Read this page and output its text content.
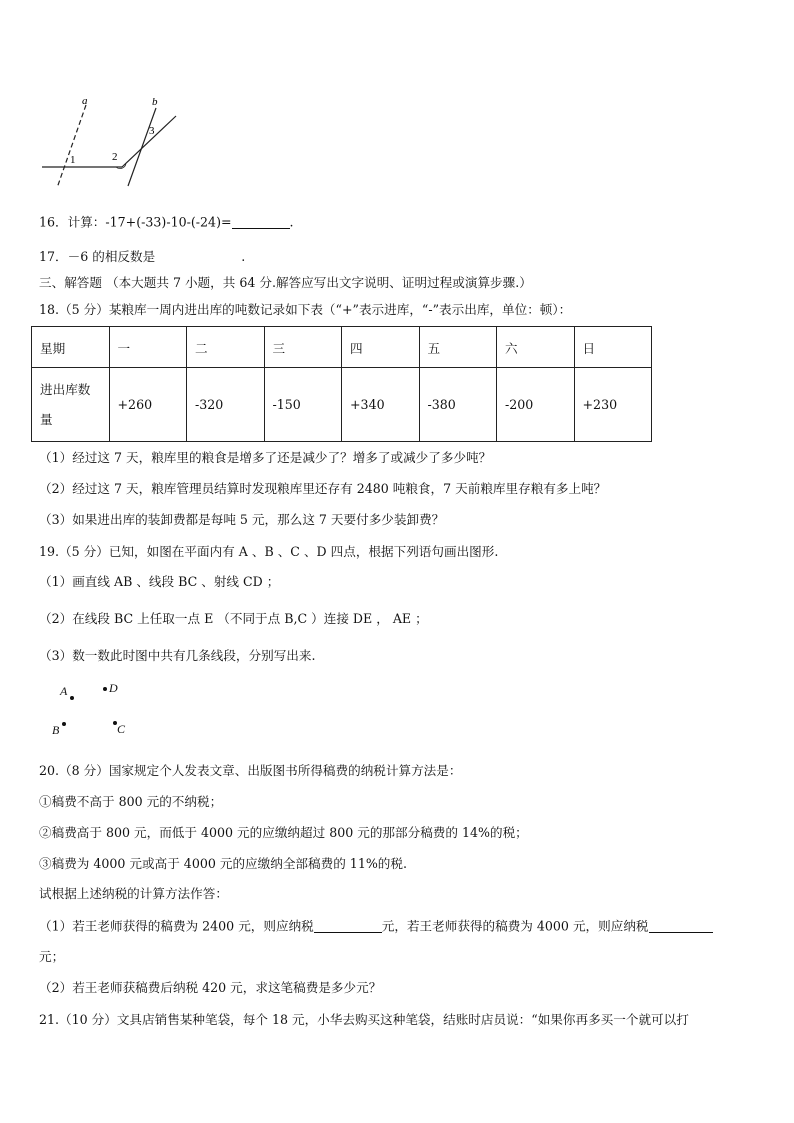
a	b
1	2
3
16．计算：-17+(-33)-10-(-24)=	.
17．－6 的相反数是	.
三、解答题 （本大题共 7 小题，共 64 分.解答应写出文字说明、证明过程或演算步骤.）
18.（5 分）某粮库一周内进出库的吨数记录如下表（“+”表示进库，“-”表示出库，单位：顿）：
星期	一	二	三	四	五	六	日
进出库数
量	+260	-320	-150	+340	-380	-200	+230
（1）经过这 7 天，粮库里的粮食是增多了还是减少了？增多了或减少了多少吨？
（2）经过这 7 天，粮库管理员结算时发现粮库里还存有 2480 吨粮食，7 天前粮库里存粮有多上吨？
（3）如果进出库的装卸费都是每吨 5 元，那么这 7 天要付多少装卸费？
19.（5 分）已知，如图在平面内有 A 、B 、C 、D 四点，根据下列语句画出图形.
（1）画直线 AB 、线段 BC 、射线 CD ；
（2）在线段 BC 上任取一点 E （不同于点 B,C ）连接 DE ， AE ；
（3）数一数此时图中共有几条线段，分别写出来.
A	D
B	C
20.（8 分）国家规定个人发表文章、出版图书所得稿费的纳税计算方法是：
①稿费不高于 800 元的不纳税；
②稿费高于 800 元，而低于 4000 元的应缴纳超过 800 元的那部分稿费的 14%的税；
③稿费为 4000 元或高于 4000 元的应缴纳全部稿费的 11%的税.
试根据上述纳税的计算方法作答：
（1）若王老师获得的稿费为 2400 元，则应纳税	元，若王老师获得的稿费为 4000 元，则应纳税
元；
（2）若王老师获稿费后纳税 420 元，求这笔稿费是多少元？
21.（10 分）文具店销售某种笔袋，每个 18 元，小华去购买这种笔袋，结账时店员说：“如果你再多买一个就可以打
